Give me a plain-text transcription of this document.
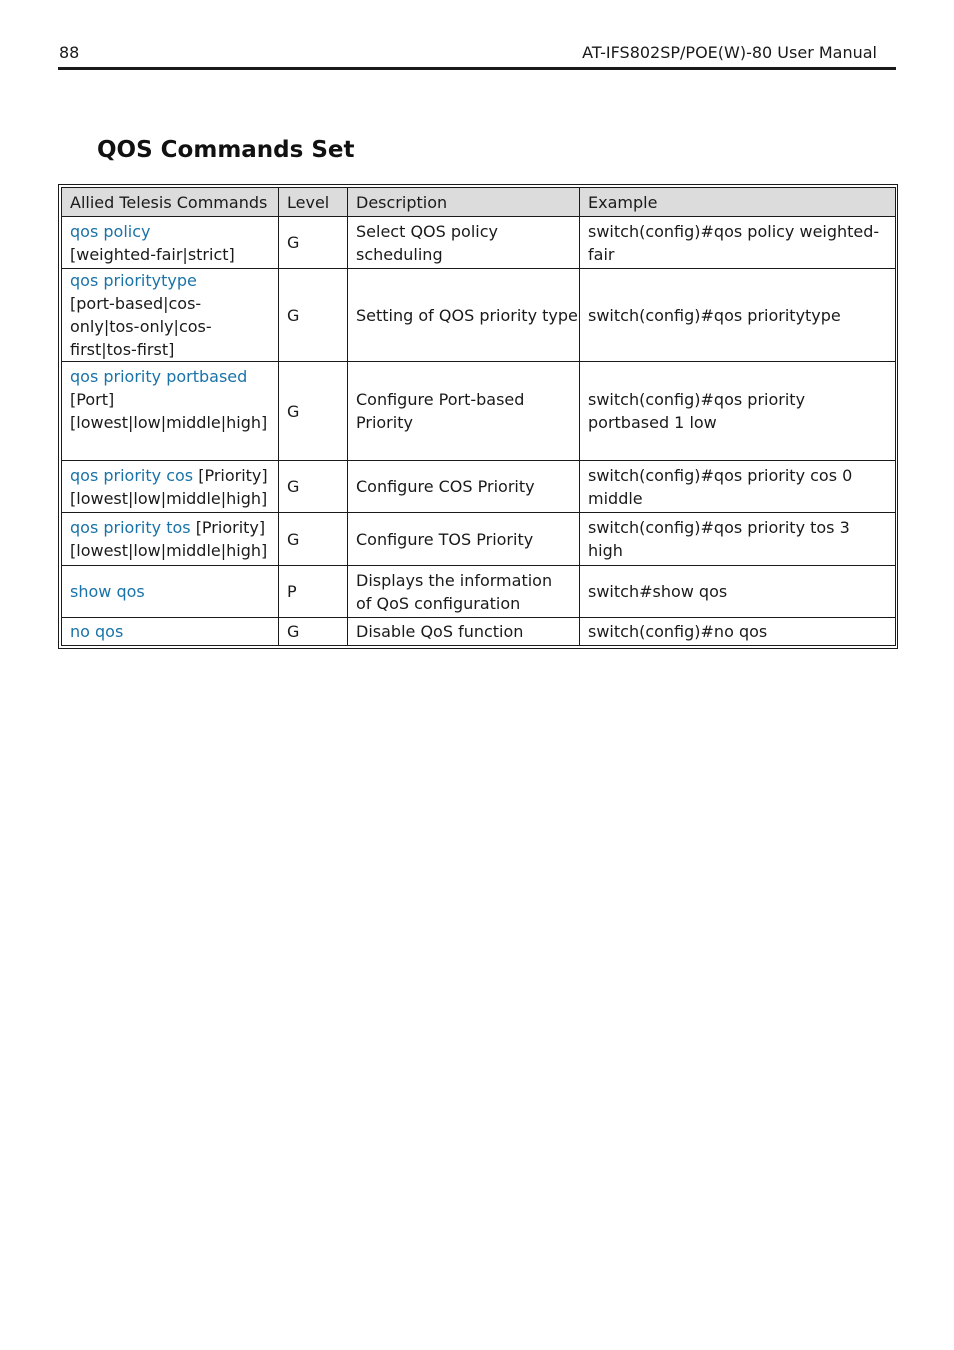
88	AT-IFS802SP/POE(W)-80 User Manual
QOS Commands Set
Allied Telesis Commands	Level	Description	Example
qos policy
[weighted-fair|strict]	G	Select QOS policy scheduling	switch(config)#qos policy weighted-fair
qos prioritytype
[port-based|cos-only|tos-only|cos-first|tos-first]	G	Setting of QOS priority type	switch(config)#qos prioritytype
qos priority portbased
[Port] [lowest|low|middle|high]	G	Configure Port-based Priority	switch(config)#qos priority portbased 1 low
qos priority cos [Priority]
[lowest|low|middle|high]	G	Configure COS Priority	switch(config)#qos priority cos 0 middle
qos priority tos [Priority]
[lowest|low|middle|high]	G	Configure TOS Priority	switch(config)#qos priority tos 3 high
show qos	P	Displays the information of QoS configuration	switch#show qos
no qos	G	Disable QoS function	switch(config)#no qos
